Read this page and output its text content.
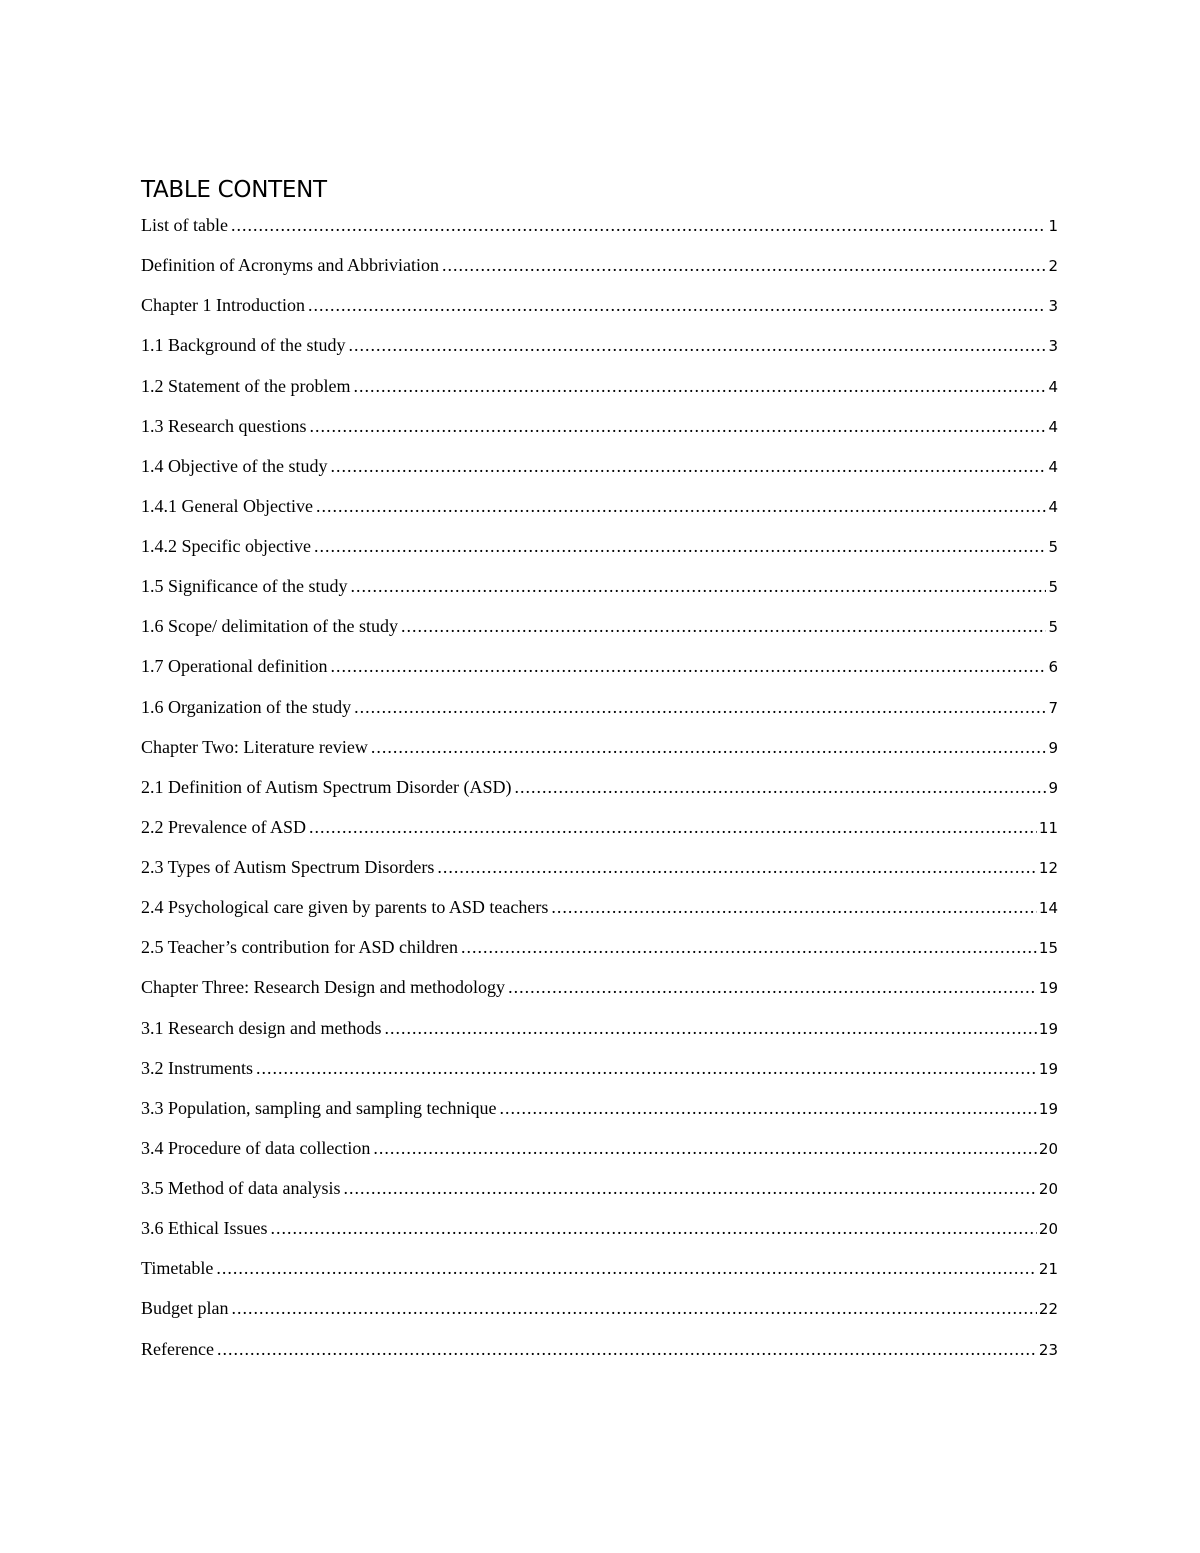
TABLE CONTENT
List of table .....	1
Definition of Acronyms and Abbriviation .....	2
Chapter 1 Introduction .....	3
1.1 Background of the study .....	3
1.2 Statement of the problem .....	4
1.3 Research questions .....	4
1.4 Objective of the study .....	4
1.4.1 General Objective .....	4
1.4.2 Specific objective .....	5
1.5 Significance of the study .....	5
1.6 Scope/ delimitation of the study .....	5
1.7 Operational definition .....	6
1.6 Organization of the study .....	7
Chapter Two: Literature review .....	9
2.1 Definition of Autism Spectrum Disorder (ASD) .....	9
2.2 Prevalence of ASD .....	11
2.3 Types of Autism Spectrum Disorders .....	12
2.4 Psychological care given by parents to ASD teachers .....	14
2.5 Teacher’s contribution for ASD children .....	15
Chapter Three: Research Design and methodology .....	19
3.1 Research design and methods .....	19
3.2 Instruments .....	19
3.3 Population, sampling and sampling technique .....	19
3.4 Procedure of data collection .....	20
3.5 Method of data analysis .....	20
3.6 Ethical Issues .....	20
Timetable .....	21
Budget plan .....	22
Reference .....	23
